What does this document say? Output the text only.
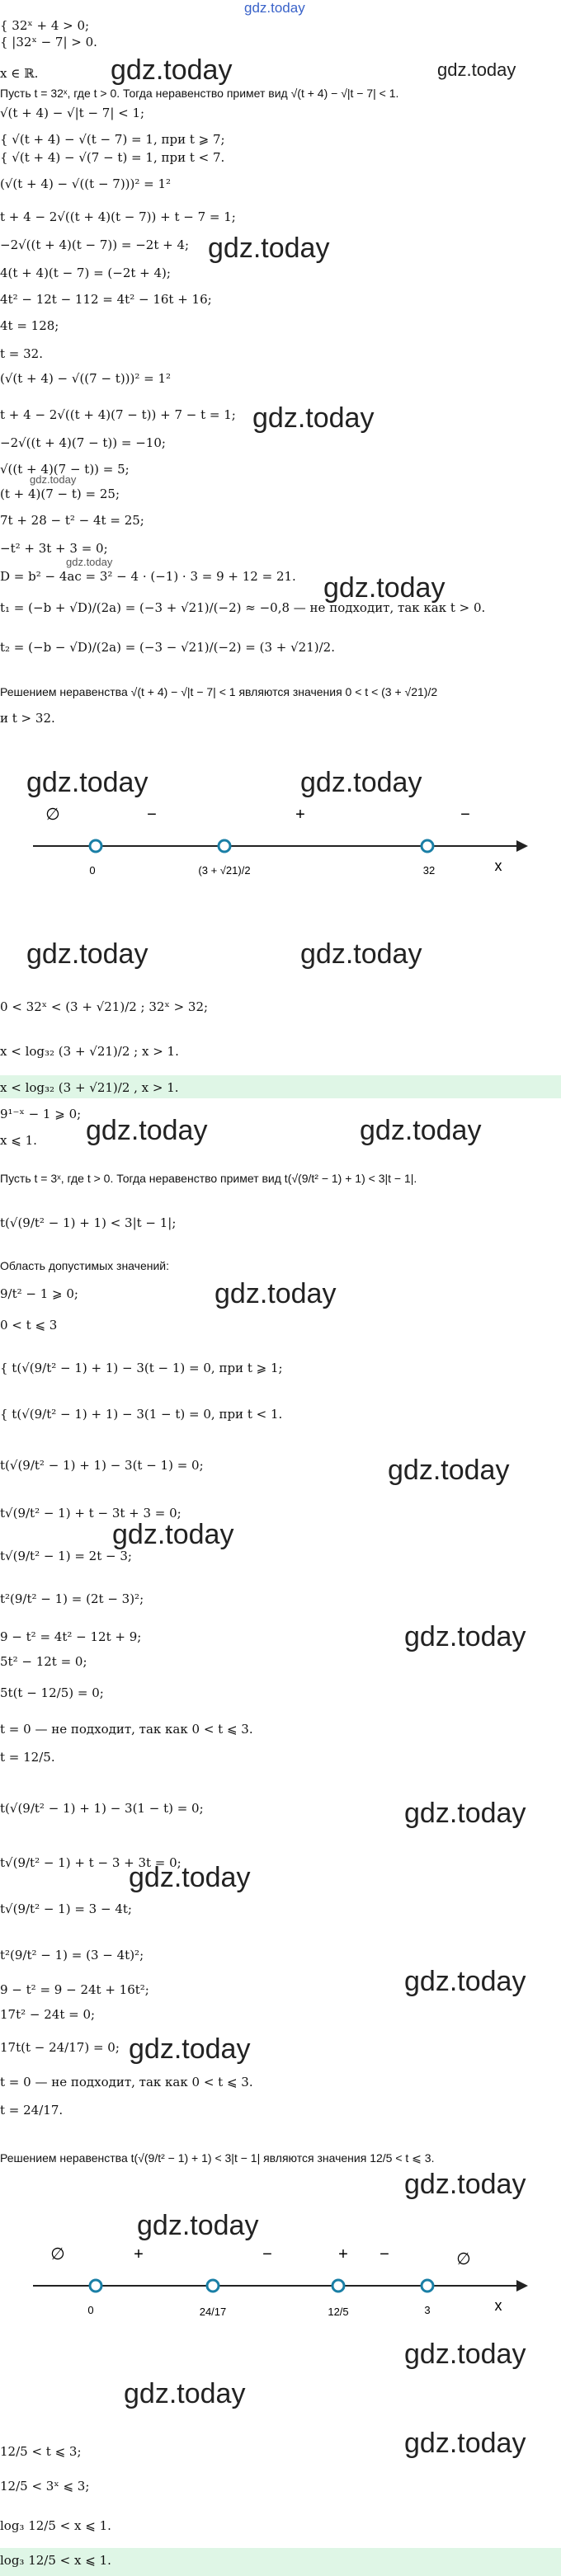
gdz.today
{ 32ˣ + 4 > 0;
{ |32ˣ − 7| > 0.
x ∈ ℝ.
Пусть t = 32ˣ, где t > 0. Тогда неравенство примет вид √(t + 4) − √|t − 7| < 1.
√(t + 4) − √|t − 7| < 1;
{ √(t + 4) − √(t − 7) = 1, при t ⩾ 7;
{ √(t + 4) − √(7 − t) = 1, при t < 7.
(√(t + 4) − √((t − 7)))² = 1²
t + 4 − 2√((t + 4)(t − 7)) + t − 7 = 1;
−2√((t + 4)(t − 7)) = −2t + 4;
4(t + 4)(t − 7) = (−2t + 4);
4t² − 12t − 112 = 4t² − 16t + 16;
4t = 128;
t = 32.
(√(t + 4) − √((7 − t)))² = 1²
t + 4 − 2√((t + 4)(7 − t)) + 7 − t = 1;
−2√((t + 4)(7 − t)) = −10;
√((t + 4)(7 − t)) = 5;
(t + 4)(7 − t) = 25;
7t + 28 − t² − 4t = 25;
−t² + 3t + 3 = 0;
D = b² − 4ac = 3² − 4 · (−1) · 3 = 9 + 12 = 21.
t₁ = (−b + √D)/(2a) = (−3 + √21)/(−2) ≈ −0,8 — не подходит, так как t > 0.
t₂ = (−b − √D)/(2a) = (−3 − √21)/(−2) = (3 + √21)/2.
Решением неравенства √(t + 4) − √|t − 7| < 1 являются значения 0 < t < (3 + √21)/2
и t > 32.
∅	−	+	−
0	(3 + √21)/2	32	x
0 < 32ˣ < (3 + √21)/2 ; 32ˣ > 32;
x < log₃₂ (3 + √21)/2 ; x > 1.
x < log₃₂ (3 + √21)/2 , x > 1.
9¹⁻ˣ − 1 ⩾ 0;
x ⩽ 1.
Пусть t = 3ˣ, где t > 0. Тогда неравенство примет вид t(√(9/t² − 1) + 1) < 3|t − 1|.
t(√(9/t² − 1) + 1) < 3|t − 1|;
Область допустимых значений:
9/t² − 1 ⩾ 0;
0 < t ⩽ 3
{ t(√(9/t² − 1) + 1) − 3(t − 1) = 0, при t ⩾ 1;
{ t(√(9/t² − 1) + 1) − 3(1 − t) = 0, при t < 1.
t(√(9/t² − 1) + 1) − 3(t − 1) = 0;
t√(9/t² − 1) + t − 3t + 3 = 0;
t√(9/t² − 1) = 2t − 3;
t²(9/t² − 1) = (2t − 3)²;
9 − t² = 4t² − 12t + 9;
5t² − 12t = 0;
5t(t − 12/5) = 0;
t = 0 — не подходит, так как 0 < t ⩽ 3.
t = 12/5.
t(√(9/t² − 1) + 1) − 3(1 − t) = 0;
t√(9/t² − 1) + t − 3 + 3t = 0;
t√(9/t² − 1) = 3 − 4t;
t²(9/t² − 1) = (3 − 4t)²;
9 − t² = 9 − 24t + 16t²;
17t² − 24t = 0;
17t(t − 24/17) = 0;
t = 0 — не подходит, так как 0 < t ⩽ 3.
t = 24/17.
Решением неравенства t(√(9/t² − 1) + 1) < 3|t − 1| являются значения 12/5 < t ⩽ 3.
∅	+	−	+ −	∅
0	24/17	12/5	3	x
12/5 < t ⩽ 3;
12/5 < 3ˣ ⩽ 3;
log₃ 12/5 < x ⩽ 1.
log₃ 12/5 < x ⩽ 1.
gdz.today	gdz.today
gdz.today
gdz.today
gdz.today
gdz.today
gdz.today
gdz.today	gdz.today
gdz.today	gdz.today
gdz.today	gdz.today
gdz.today
gdz.today
gdz.today
gdz.today
gdz.today
gdz.today
gdz.today
gdz.today
gdz.today
gdz.today
gdz.today
gdz.today
gdz.today
